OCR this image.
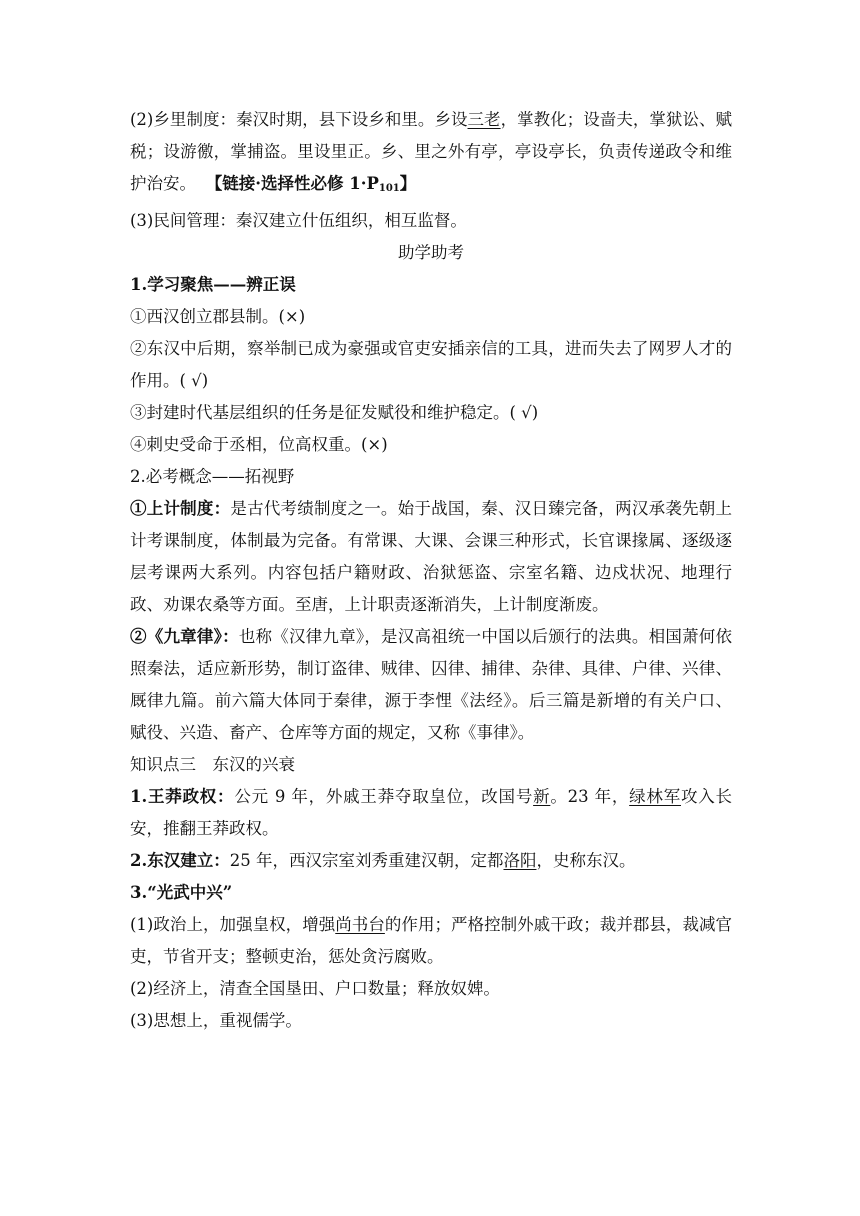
(2)乡里制度：秦汉时期，县下设乡和里。乡设三老，掌教化；设啬夫，掌狱讼、赋税；设游徼，掌捕盗。里设里正。乡、里之外有亭，亭设亭长，负责传递政令和维护治安。 【链接·选择性必修 $1\cdot P_{101}$】

(3)民间管理：秦汉建立什伍组织，相互监督。

助学助考

1.学习聚焦——辨正误

①西汉创立郡县制。(×)

②东汉中后期，察举制已成为豪强或官吏安插亲信的工具，进而失去了网罗人才的作用。( √)

③封建时代基层组织的任务是征发赋役和维护稳定。( √)

④刺史受命于丞相，位高权重。(×)

2.必考概念——拓视野

①上计制度：是古代考绩制度之一。始于战国，秦、汉日臻完备，两汉承袭先朝上计考课制度，体制最为完备。有常课、大课、会课三种形式，长官课掾属、逐级逐层考课两大系列。内容包括户籍财政、治狱惩盗、宗室名籍、边戍状况、地理行政、劝课农桑等方面。至唐，上计职责逐渐消失，上计制度渐废。

②《九章律》：也称《汉律九章》，是汉高祖统一中国以后颁行的法典。相国萧何依照秦法，适应新形势，制订盗律、贼律、囚律、捕律、杂律、具律、户律、兴律、厩律九篇。前六篇大体同于秦律，源于李悝《法经》。后三篇是新增的有关户口、赋役、兴造、畜产、仓库等方面的规定，又称《事律》。

知识点三　东汉的兴衰

1.王莽政权：公元 9 年，外戚王莽夺取皇位，改国号新。23 年，绿林军攻入长安，推翻王莽政权。

2.东汉建立：25 年，西汉宗室刘秀重建汉朝，定都洛阳，史称东汉。

3.“光武中兴”

(1)政治上，加强皇权，增强尚书台的作用；严格控制外戚干政；裁并郡县，裁减官吏，节省开支；整顿吏治，惩处贪污腐败。

(2)经济上，清查全国垦田、户口数量；释放奴婢。

(3)思想上，重视儒学。
